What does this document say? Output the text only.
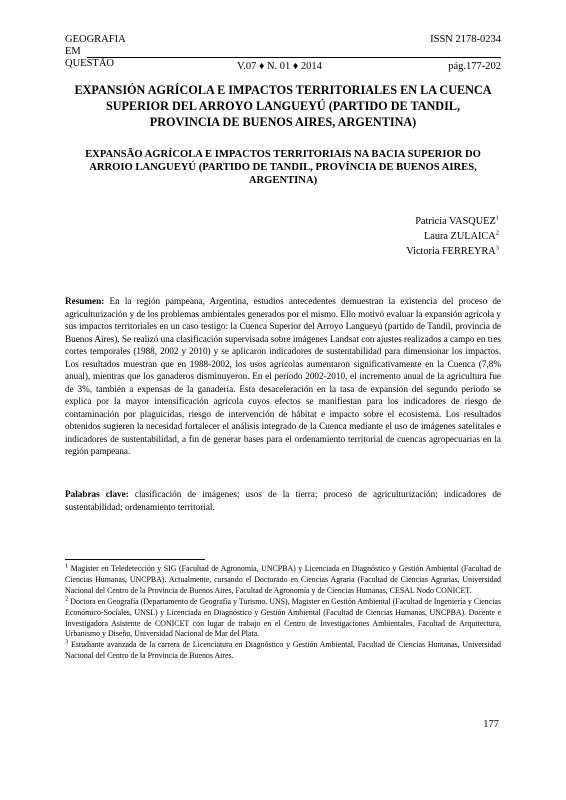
GEOGRAFIA
EM
QUESTÃO
ISSN 2178-0234
V.07 ♦ N. 01 ♦ 2014	pág.177-202
EXPANSIÓN AGRÍCOLA E IMPACTOS TERRITORIALES EN LA CUENCA SUPERIOR DEL ARROYO LANGUEYÚ (PARTIDO DE TANDIL, PROVINCIA DE BUENOS AIRES, ARGENTINA)
EXPANSÃO AGRÍCOLA E IMPACTOS TERRITORIAIS NA BACIA SUPERIOR DO ARROIO LANGUEYÚ (PARTIDO DE TANDIL, PROVÍNCIA DE BUENOS AIRES, ARGENTINA)
Patricia VASQUEZ$^1$
Laura ZULAICA$^2$
Victoria FERREYRA$^3$
Resumen: En la región pampeana, Argentina, estudios antecedentes demuestran la existencia del proceso de agriculturización y de los problemas ambientales generados por el mismo. Ello motivó evaluar la expansión agrícola y sus impactos territoriales en un caso testigo: la Cuenca Superior del Arroyo Langueyú (partido de Tandil, provincia de Buenos Aires). Se realizó una clasificación supervisada sobre imágenes Landsat con ajustes realizados a campo en tres cortes temporales (1988, 2002 y 2010) y se aplicaron indicadores de sustentabilidad para dimensionar los impactos. Los resultados muestran que en 1988-2002, los usos agrícolas aumentaron significativamente en la Cuenca (7,8% anual), mientras que los ganaderos disminuyeron. En el período 2002-2010, el incremento anual de la agricultura fue de 3%, también a expensas de la ganadería. Esta desaceleración en la tasa de expansión del segundo período se explica por la mayor intensificación agrícola cuyos efectos se manifiestan para los indicadores de riesgo de contaminación por plaguicidas, riesgo de intervención de hábitat e impacto sobre el ecosistema. Los resultados obtenidos sugieren la necesidad fortalecer el análisis integrado de la Cuenca mediante el uso de imágenes satelitales e indicadores de sustentabilidad, a fin de generar bases para el ordenamiento territorial de cuencas agropecuarias en la región pampeana.
Palabras clave: clasificación de imágenes; usos de la tierra; proceso de agriculturización; indicadores de sustentabilidad; ordenamiento territorial.

$^1$ Magister en Teledetección y SIG (Facultad de Agronomía, UNCPBA) y Licenciada en Diagnóstico y Gestión Ambiental (Facultad de Ciencias Humanas, UNCPBA). Actualmente, cursando el Doctorado en Ciencias Agraria (Facultad de Ciencias Agrarias, Universidad Nacional del Centro de la Provincia de Buenos Aires, Facultad de Agronomía y de Ciencias Humanas, CESAL Nodo CONICET.

$^2$ Doctora en Geografía (Departamento de Geografía y Turismo, UNS), Magister en Gestión Ambiental (Facultad de Ingeniería y Ciencias Económico-Sociales, UNSL) y Licenciada en Diagnóstico y Gestión Ambiental (Facultad de Ciencias Humanas, UNCPBA). Docente e Investigadora Asistente de CONICET con lugar de trabajo en el Centro de Investigaciones Ambientales, Facultad de Arquitectura, Urbanismo y Diseño, Universidad Nacional de Mar del Plata.

$^3$ Estudiante avanzada de la carrera de Licenciatura en Diagnóstico y Gestión Ambiental, Facultad de Ciencias Humanas, Universidad Nacional del Centro de la Provincia de Buenos Aires.

177
